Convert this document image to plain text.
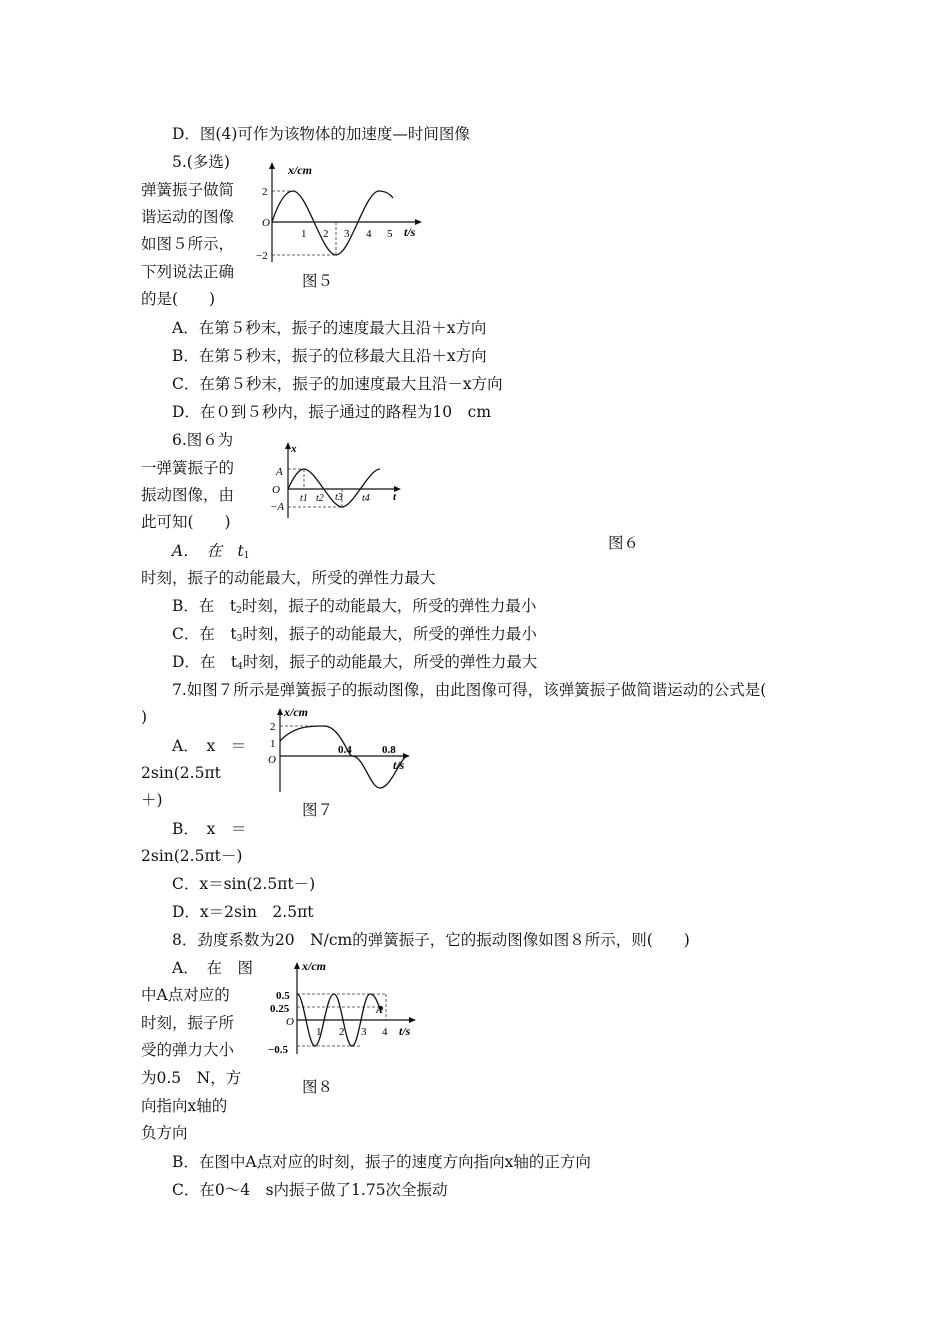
D．图(4)可作为该物体的加速度—时间图像
5.(多选)
弹簧振子做简
谐运动的图像
如图５所示，
下列说法正确
的是(　　)
x/cm
t/s
O
2
−2
1 2 3 4 5
图５
A．在第５秒末，振子的速度最大且沿＋x方向
B．在第５秒末，振子的位移最大且沿＋x方向
C．在第５秒末，振子的加速度最大且沿－x方向
D．在０到５秒内，振子通过的路程为10　cm
6.图６为
一弹簧振子的
振动图像，由
此可知(　　)
x
t
O
A
−A
t1 t2 t3 t4
图６
A．　在　$t_1$
时刻，振子的动能最大，所受的弹性力最大
B．在　$t_2$时刻，振子的动能最大，所受的弹性力最小
C．在　$t_3$时刻，振子的动能最大，所受的弹性力最小
D．在　$t_4$时刻，振子的动能最大，所受的弹性力最大
7.如图７所示是弹簧振子的振动图像，由此图像可得，该弹簧振子做简谐运动的公式是(
)	x/cm
t/s
O
2
1	0.4	0.8
图７
A．　x　＝
2sin(2.5πt
＋)
B．　x　＝
2sin(2.5πt－)
C．x＝sin(2.5πt－)
D．x＝2sin　2.5πt
8．劲度系数为20　N/cm的弹簧振子，它的振动图像如图８所示，则(　　)
A．　在　图
中A点对应的
时刻，振子所
受的弹力大小
为0.5　N，方
向指向x轴的
负方向
x/cm
t/s
O
0.5
0.25
−0.5
1 2 3 4
A
图８
B．在图中A点对应的时刻，振子的速度方向指向x轴的正方向
C．在0～4　s内振子做了1.75次全振动
